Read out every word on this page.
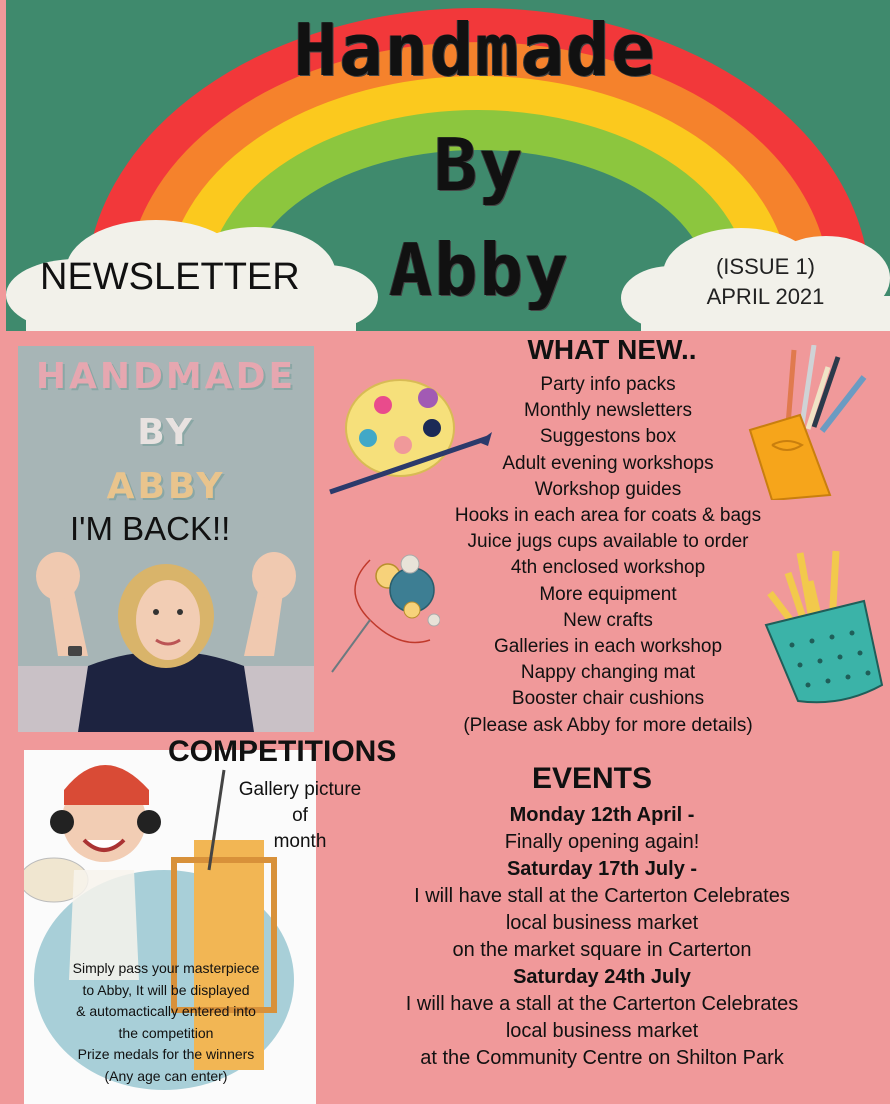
Handmade
By
Abby
NEWSLETTER	(ISSUE 1)
APRIL 2021
HANDMADE
BY
ABBY
I'M BACK!!
WHAT NEW..
Party info packs
Monthly newsletters
Suggestons box
Adult evening workshops
Workshop guides
Hooks in each area for coats & bags
Juice jugs cups available to order
4th enclosed workshop
More equipment
New crafts
Galleries in each workshop
Nappy changing mat
Booster chair cushions
(Please ask Abby for more details)
COMPETITIONS
Gallery picture
of
month
Simply pass your masterpiece
to Abby, It will be displayed
& automactically entered into
the competition
Prize medals for the winners
(Any age can enter)
EVENTS
Monday 12th April -
Finally opening again!
Saturday 17th July -
I will have stall at the Carterton Celebrates
local business market
on the market square in Carterton
Saturday 24th July
I will have a stall at the Carterton Celebrates
local business market
at the Community Centre on Shilton Park
